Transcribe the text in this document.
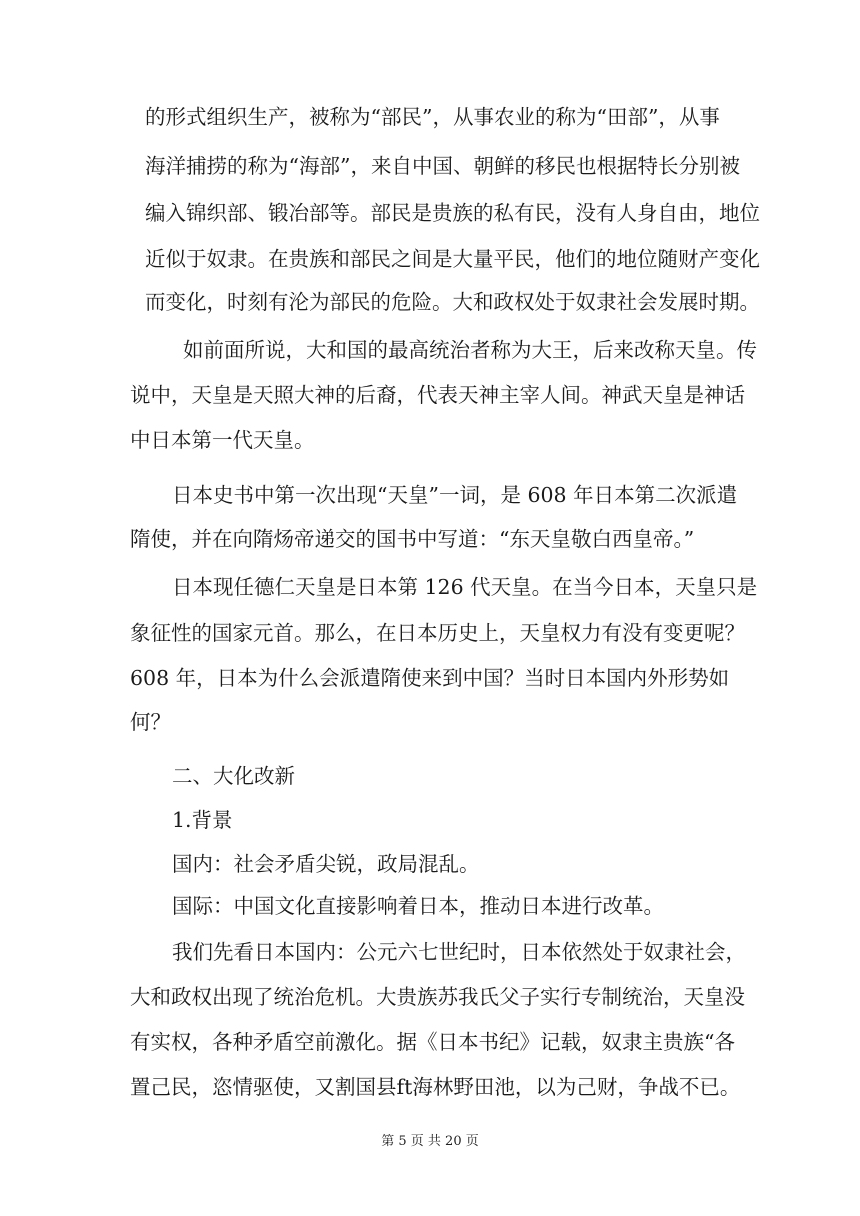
的形式组织生产，被称为“部民”，从事农业的称为“田部”，从事
海洋捕捞的称为“海部”，来自中国、朝鲜的移民也根据特长分别被
编入锦织部、锻冶部等。部民是贵族的私有民，没有人身自由，地位
近似于奴隶。在贵族和部民之间是大量平民，他们的地位随财产变化
而变化，时刻有沦为部民的危险。大和政权处于奴隶社会发展时期。
如前面所说，大和国的最高统治者称为大王，后来改称天皇。传
说中，天皇是天照大神的后裔，代表天神主宰人间。神武天皇是神话
中日本第一代天皇。
日本史书中第一次出现“天皇”一词，是 608 年日本第二次派遣
隋使，并在向隋炀帝递交的国书中写道：“东天皇敬白西皇帝。”
日本现任德仁天皇是日本第 126 代天皇。在当今日本，天皇只是
象征性的国家元首。那么，在日本历史上，天皇权力有没有变更呢？
608 年，日本为什么会派遣隋使来到中国？当时日本国内外形势如
何？
二、大化改新
1.背景
国内：社会矛盾尖锐，政局混乱。
国际：中国文化直接影响着日本，推动日本进行改革。
我们先看日本国内：公元六七世纪时，日本依然处于奴隶社会，
大和政权出现了统治危机。大贵族苏我氏父子实行专制统治，天皇没
有实权，各种矛盾空前激化。据《日本书纪》记载，奴隶主贵族“各
置己民，恣情驱使，又割国县ft海林野田池，以为己财，争战不已。
第 5 页 共 20 页
